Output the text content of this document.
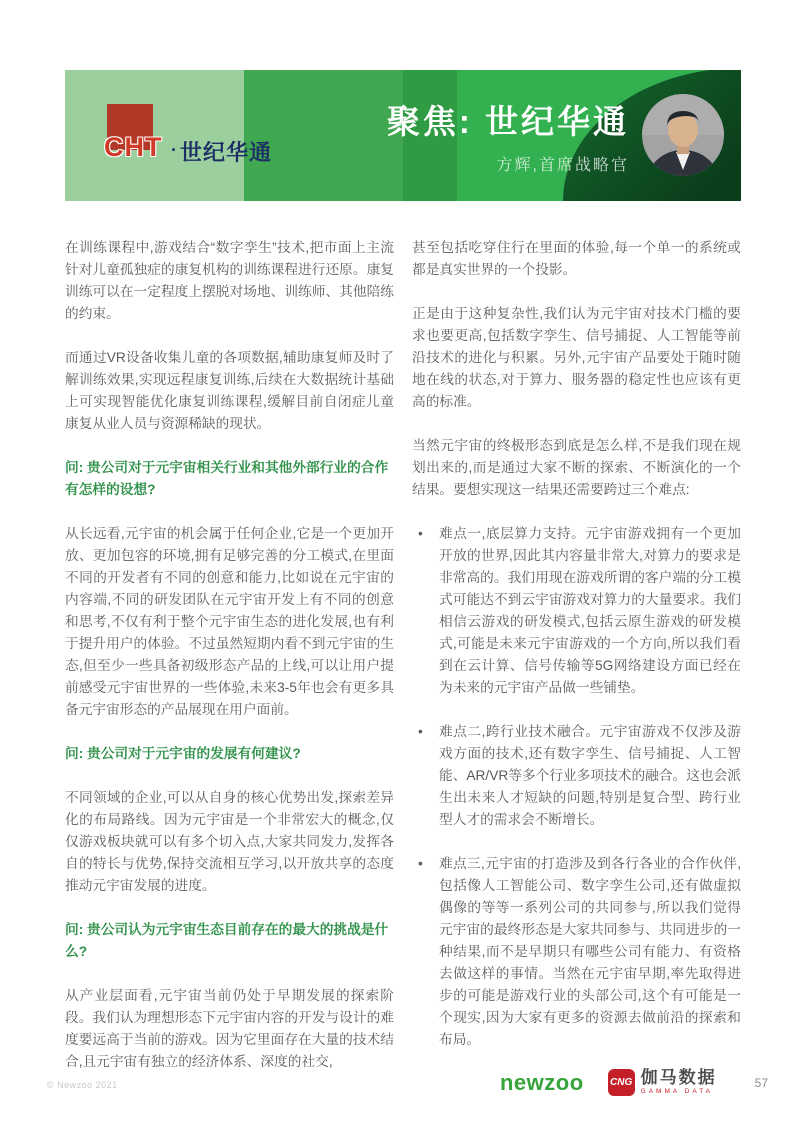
CHT · 世纪华通
聚焦: 世纪华通
方辉,首席战略官

在训练课程中,游戏结合“数字孪生”技术,把市面上主流针对儿童孤独症的康复机构的训练课程进行还原。康复训练可以在一定程度上摆脱对场地、训练师、其他陪练的约束。

而通过VR设备收集儿童的各项数据,辅助康复师及时了解训练效果,实现远程康复训练,后续在大数据统计基础上可实现智能优化康复训练课程,缓解目前自闭症儿童康复从业人员与资源稀缺的现状。

问: 贵公司对于元宇宙相关行业和其他外部行业的合作有怎样的设想?

从长远看,元宇宙的机会属于任何企业,它是一个更加开放、更加包容的环境,拥有足够完善的分工模式,在里面不同的开发者有不同的创意和能力,比如说在元宇宙的内容端,不同的研发团队在元宇宙开发上有不同的创意和思考,不仅有利于整个元宇宙生态的进化发展,也有利于提升用户的体验。不过虽然短期内看不到元宇宙的生态,但至少一些具备初级形态产品的上线,可以让用户提前感受元宇宙世界的一些体验,未来3-5年也会有更多具备元宇宙形态的产品展现在用户面前。

问: 贵公司对于元宇宙的发展有何建议?

不同领域的企业,可以从自身的核心优势出发,探索差异化的布局路线。因为元宇宙是一个非常宏大的概念,仅仅游戏板块就可以有多个切入点,大家共同发力,发挥各自的特长与优势,保持交流相互学习,以开放共享的态度推动元宇宙发展的进度。

问: 贵公司认为元宇宙生态目前存在的最大的挑战是什么?

从产业层面看,元宇宙当前仍处于早期发展的探索阶段。我们认为理想形态下元宇宙内容的开发与设计的难度要远高于当前的游戏。因为它里面存在大量的技术结合,且元宇宙有独立的经济体系、深度的社交,

甚至包括吃穿住行在里面的体验,每一个单一的系统或都是真实世界的一个投影。

正是由于这种复杂性,我们认为元宇宙对技术门槛的要求也要更高,包括数字孪生、信号捕捉、人工智能等前沿技术的进化与积累。另外,元宇宙产品要处于随时随地在线的状态,对于算力、服务器的稳定性也应该有更高的标准。

当然元宇宙的终极形态到底是怎么样,不是我们现在规划出来的,而是通过大家不断的探索、不断演化的一个结果。要想实现这一结果还需要跨过三个难点:

• 难点一,底层算力支持。元宇宙游戏拥有一个更加开放的世界,因此其内容量非常大,对算力的要求是非常高的。我们用现在游戏所谓的客户端的分工模式可能达不到云宇宙游戏对算力的大量要求。我们相信云游戏的研发模式,包括云原生游戏的研发模式,可能是未来元宇宙游戏的一个方向,所以我们看到在云计算、信号传输等5G网络建设方面已经在为未来的元宇宙产品做一些铺垫。
• 难点二,跨行业技术融合。元宇宙游戏不仅涉及游戏方面的技术,还有数字孪生、信号捕捉、人工智能、AR/VR等多个行业多项技术的融合。这也会派生出未来人才短缺的问题,特别是复合型、跨行业型人才的需求会不断增长。
• 难点三,元宇宙的打造涉及到各行各业的合作伙伴,包括像人工智能公司、数字孪生公司,还有做虚拟偶像的等等一系列公司的共同参与,所以我们觉得元宇宙的最终形态是大家共同参与、共同进步的一种结果,而不是早期只有哪些公司有能力、有资格去做这样的事情。当然在元宇宙早期,率先取得进步的可能是游戏行业的头部公司,这个有可能是一个现实,因为大家有更多的资源去做前沿的探索和布局。
© Newzoo 2021	newzoo	CNG 伽马数据
GAMMA DATA
57
